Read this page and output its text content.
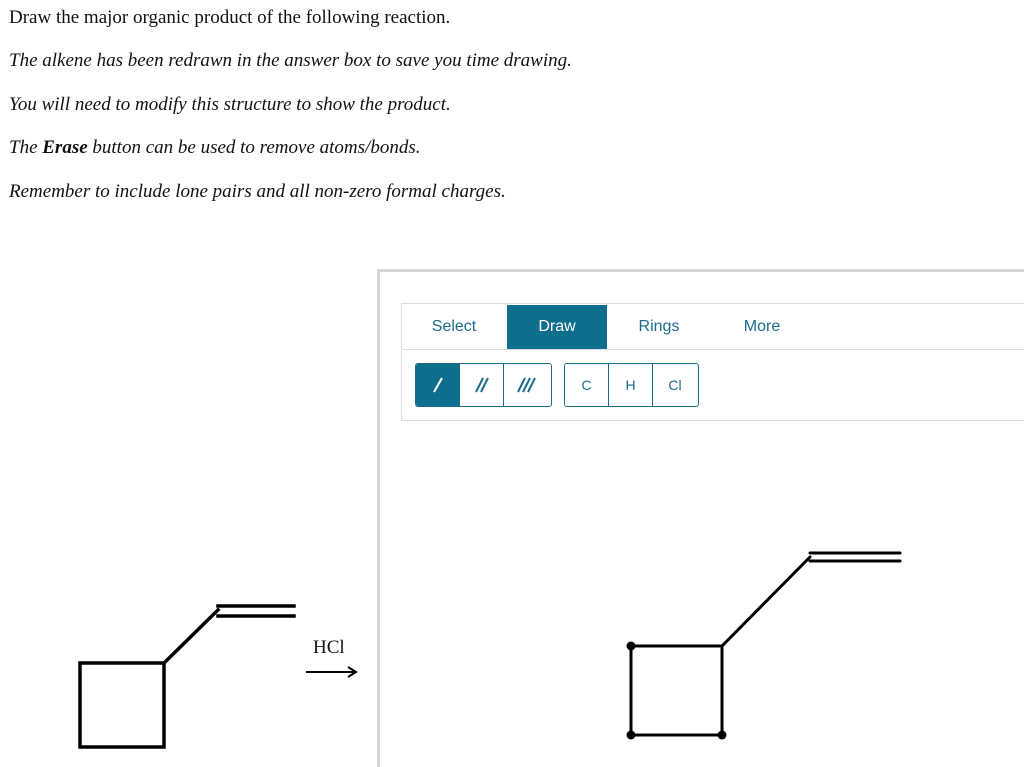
Draw the major organic product of the following reaction.

The alkene has been redrawn in the answer box to save you time drawing.

You will need to modify this structure to show the product.

The Erase button can be used to remove atoms/bonds.

Remember to include lone pairs and all non-zero formal charges.

HCl
Select	Draw	Rings	More
C	H	Cl
